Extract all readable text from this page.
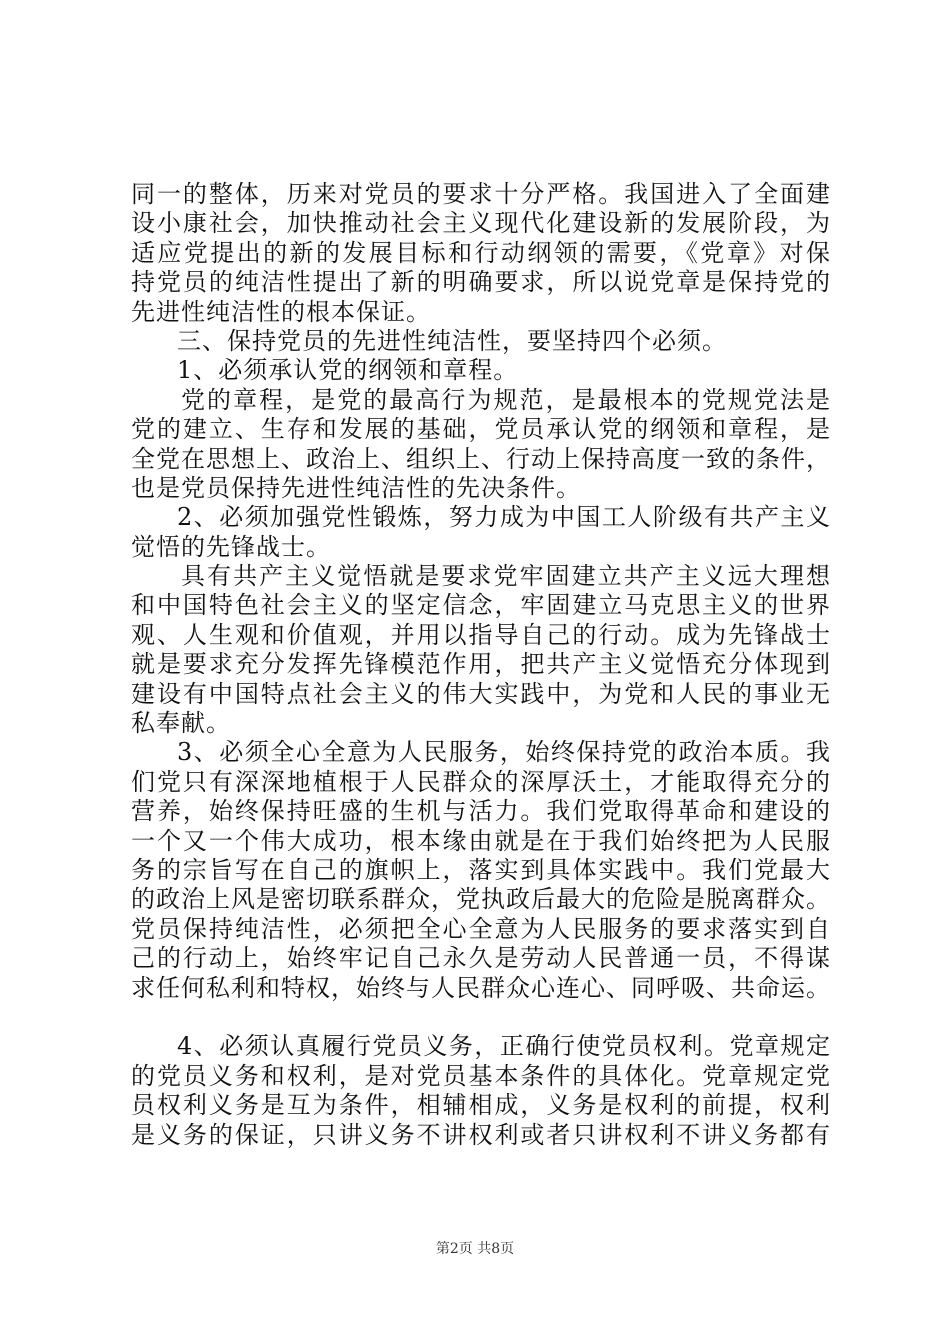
同一的整体，历来对党员的要求十分严格。我国进入了全面建
设小康社会，加快推动社会主义现代化建设新的发展阶段，为
适应党提出的新的发展目标和行动纲领的需要，《党章》对保
持党员的纯洁性提出了新的明确要求，所以说党章是保持党的
先进性纯洁性的根本保证。
三、保持党员的先进性纯洁性，要坚持四个必须。
1、必须承认党的纲领和章程。
党的章程，是党的最高行为规范，是最根本的党规党法是
党的建立、生存和发展的基础，党员承认党的纲领和章程，是
全党在思想上、政治上、组织上、行动上保持高度一致的条件，
也是党员保持先进性纯洁性的先决条件。
2、必须加强党性锻炼，努力成为中国工人阶级有共产主义
觉悟的先锋战士。
具有共产主义觉悟就是要求党牢固建立共产主义远大理想
和中国特色社会主义的坚定信念，牢固建立马克思主义的世界
观、人生观和价值观，并用以指导自己的行动。成为先锋战士
就是要求充分发挥先锋模范作用，把共产主义觉悟充分体现到
建设有中国特点社会主义的伟大实践中，为党和人民的事业无
私奉献。
3、必须全心全意为人民服务，始终保持党的政治本质。我
们党只有深深地植根于人民群众的深厚沃土，才能取得充分的
营养，始终保持旺盛的生机与活力。我们党取得革命和建设的
一个又一个伟大成功，根本缘由就是在于我们始终把为人民服
务的宗旨写在自己的旗帜上，落实到具体实践中。我们党最大
的政治上风是密切联系群众，党执政后最大的危险是脱离群众。
党员保持纯洁性，必须把全心全意为人民服务的要求落实到自
己的行动上，始终牢记自己永久是劳动人民普通一员，不得谋
求任何私利和特权，始终与人民群众心连心、同呼吸、共命运。
4、必须认真履行党员义务，正确行使党员权利。党章规定
的党员义务和权利，是对党员基本条件的具体化。党章规定党
员权利义务是互为条件，相辅相成，义务是权利的前提，权利
是义务的保证，只讲义务不讲权利或者只讲权利不讲义务都有
第2页 共8页
